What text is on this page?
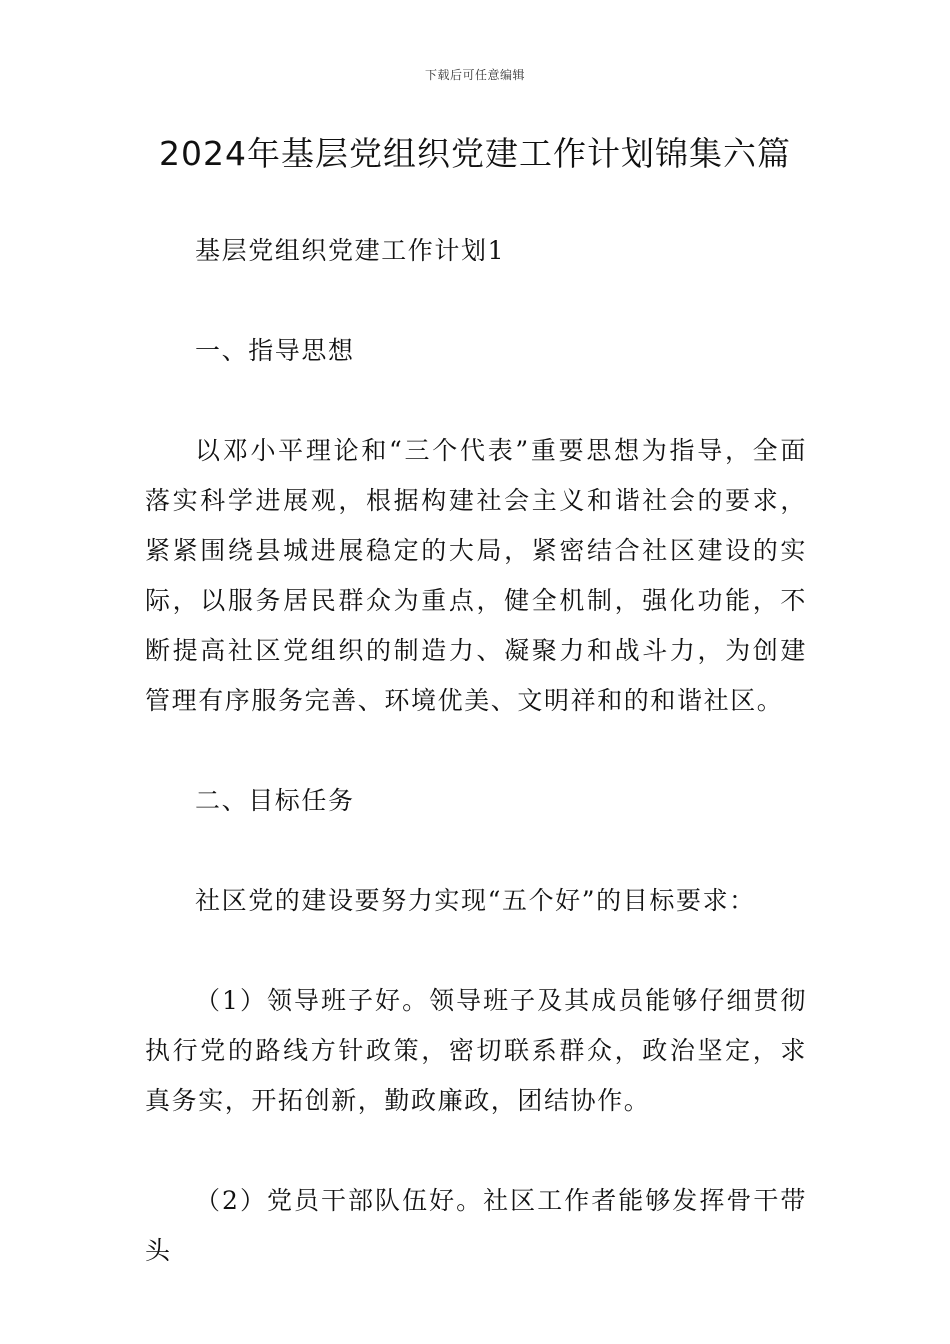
下载后可任意编辑
2024年基层党组织党建工作计划锦集六篇

基层党组织党建工作计划1

一、指导思想

以邓小平理论和“三个代表”重要思想为指导，全面落实科学进展观，根据构建社会主义和谐社会的要求，紧紧围绕县城进展稳定的大局，紧密结合社区建设的实际，以服务居民群众为重点，健全机制，强化功能，不断提高社区党组织的制造力、凝聚力和战斗力，为创建管理有序服务完善、环境优美、文明祥和的和谐社区。

二、目标任务

社区党的建设要努力实现“五个好”的目标要求：

（1）领导班子好。领导班子及其成员能够仔细贯彻执行党的路线方针政策，密切联系群众，政治坚定，求真务实，开拓创新，勤政廉政，团结协作。

（2）党员干部队伍好。社区工作者能够发挥骨干带头
